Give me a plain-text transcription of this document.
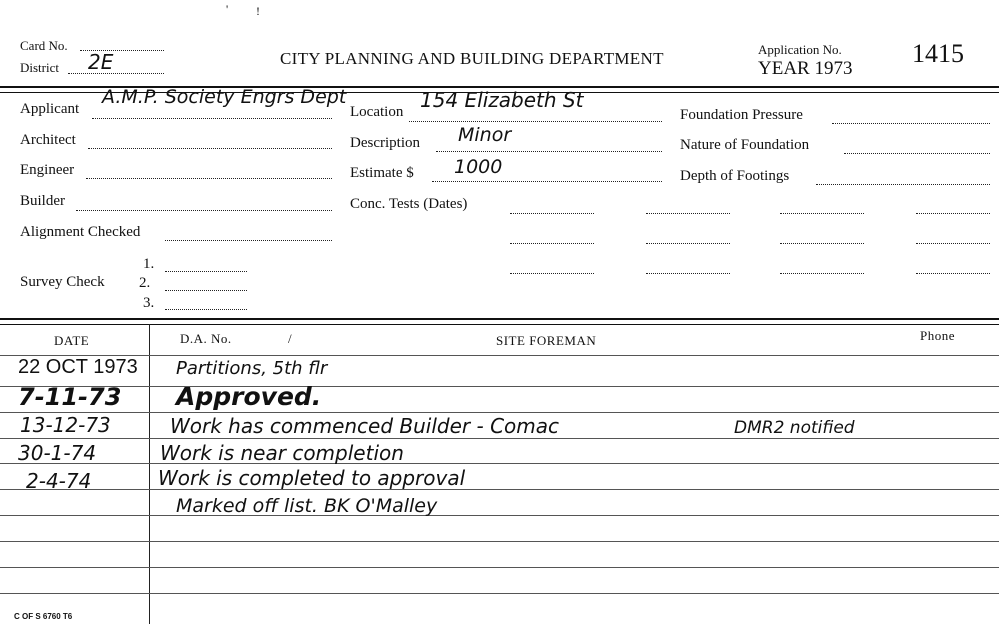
' !
Card No.
District 2E	CITY PLANNING AND BUILDING DEPARTMENT	Application No.
YEAR 1973
1415
Applicant
A.M.P. Society Engrs Dept
Architect
Engineer
Builder
Alignment Checked
Survey Check
1.
2.
3.
Location 154 Elizabeth St
Description Minor
Estimate $ 1000
Conc. Tests (Dates)
Foundation Pressure
Nature of Foundation
Depth of Footings
DATE	D.A. No.	/	SITE FOREMAN	Phone
22 OCT 1973 Partitions, 5th flr
7-11-73 Approved.
13-12-73	Work has commenced Builder - Comac	DMR2 notified
30-1-74	Work is near completion
2-4-74	Work is completed to approval
Marked off list. BK O'Malley
C OF S 6760 T6
